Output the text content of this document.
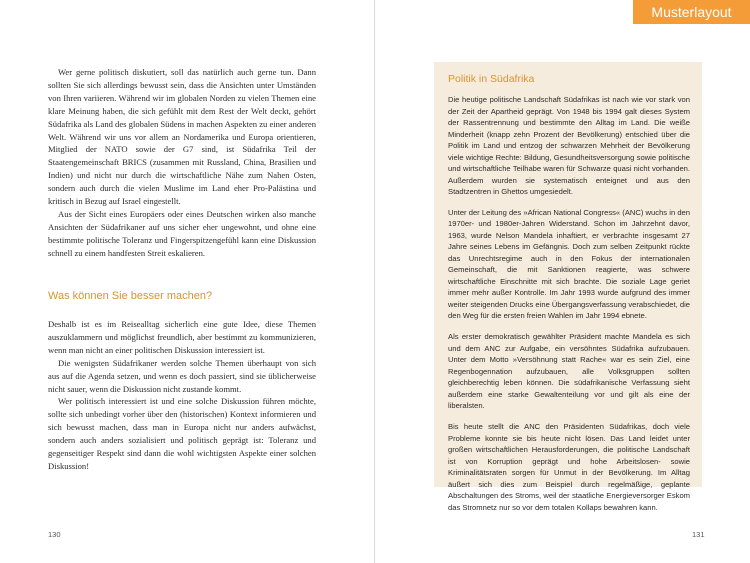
Musterlayout

Wer gerne politisch diskutiert, soll das natürlich auch gerne tun. Dann sollten Sie sich allerdings bewusst sein, dass die Ansichten unter Umständen von Ihren variieren. Während wir im globalen Norden zu vielen Themen eine klare Meinung haben, die sich gefühlt mit dem Rest der Welt deckt, gehört Südafrika als Land des globalen Südens in machen Aspekten zu einer anderen Welt. Während wir uns vor allem an Nordamerika und Europa orientieren, Mitglied der NATO sowie der G7 sind, ist Südafrika Teil der Staatengemeinschaft BRICS (zusammen mit Russland, China, Brasilien und Indien) und nicht nur durch die wirtschaftliche Nähe zum Nahen Osten, sondern auch durch die vielen Muslime im Land eher Pro-Palästina und kritisch in Bezug auf Israel eingestellt.

Aus der Sicht eines Europäers oder eines Deutschen wirken also manche Ansichten der Südafrikaner auf uns sicher eher ungewohnt, und ohne eine bestimmte politische Toleranz und Fingerspitzengefühl kann eine Diskussion schnell zu einem handfesten Streit eskalieren.

Was können Sie besser machen?

Deshalb ist es im Reisealltag sicherlich eine gute Idee, diese Themen auszuklammern und möglichst freundlich, aber bestimmt zu kommunizieren, wenn man nicht an einer politischen Diskussion interessiert ist.

Die wenigsten Südafrikaner werden solche Themen überhaupt von sich aus auf die Agenda setzen, und wenn es doch passiert, sind sie üblicherweise nicht sauer, wenn die Diskussion nicht zustande kommt.

Wer politisch interessiert ist und eine solche Diskussion führen möchte, sollte sich unbedingt vorher über den (historischen) Kontext informieren und sich bewusst machen, dass man in Europa nicht nur anders aufwächst, sondern auch anders sozialisiert und politisch geprägt ist: Toleranz und gegenseitiger Respekt sind dann die wohl wichtigsten Aspekte einer solchen Diskussion!

130
Politik in Südafrika

Die heutige politische Landschaft Südafrikas ist nach wie vor stark von der Zeit der Apartheid geprägt. Von 1948 bis 1994 galt dieses System der Rassentrennung und bestimmte den Alltag im Land. Die weiße Minderheit (knapp zehn Prozent der Bevölkerung) entschied über die Politik im Land und entzog der schwarzen Mehrheit der Bevölkerung viele wichtige Rechte: Bildung, Gesundheitsversorgung sowie politische und wirtschaftliche Teilhabe waren für Schwarze quasi nicht vorhanden. Außerdem wurden sie systematisch enteignet und aus den Stadtzentren in Ghettos umgesiedelt.

Unter der Leitung des »African National Congress« (ANC) wuchs in den 1970er- und 1980er-Jahren Widerstand. Schon im Jahrzehnt davor, 1963, wurde Nelson Mandela inhaftiert, er verbrachte insgesamt 27 Jahre seines Lebens im Gefängnis. Doch zum selben Zeitpunkt rückte das Unrechtsregime auch in den Fokus der internationalen Gemeinschaft, die mit Sanktionen reagierte, was schwere wirtschaftliche Einschnitte mit sich brachte. Die soziale Lage geriet immer mehr außer Kontrolle. Im Jahr 1993 wurde aufgrund des immer weiter steigenden Drucks eine Übergangsverfassung verabschiedet, die den Weg für die ersten freien Wahlen im Jahr 1994 ebnete.

Als erster demokratisch gewählter Präsident machte Mandela es sich und dem ANC zur Aufgabe, ein versöhntes Südafrika aufzubauen. Unter dem Motto »Versöhnung statt Rache« war es sein Ziel, eine Regenbogennation aufzubauen, alle Volksgruppen sollten gleichberechtig leben können. Die südafrikanische Verfassung sieht außerdem eine starke Gewaltenteilung vor und gilt als eine der liberalsten.

Bis heute stellt die ANC den Präsidenten Südafrikas, doch viele Probleme konnte sie bis heute nicht lösen. Das Land leidet unter großen wirtschaftlichen Herausforderungen, die politische Landschaft ist von Korruption geprägt und hohe Arbeitslosen- sowie Kriminalitätsraten sorgen für Unmut in der Bevölkerung. Im Alltag äußert sich dies zum Beispiel durch regelmäßige, geplante Abschaltungen des Stroms, weil der staatliche Energieversorger Eskom das Stromnetz nur so vor dem totalen Kollaps bewahren kann.

131
